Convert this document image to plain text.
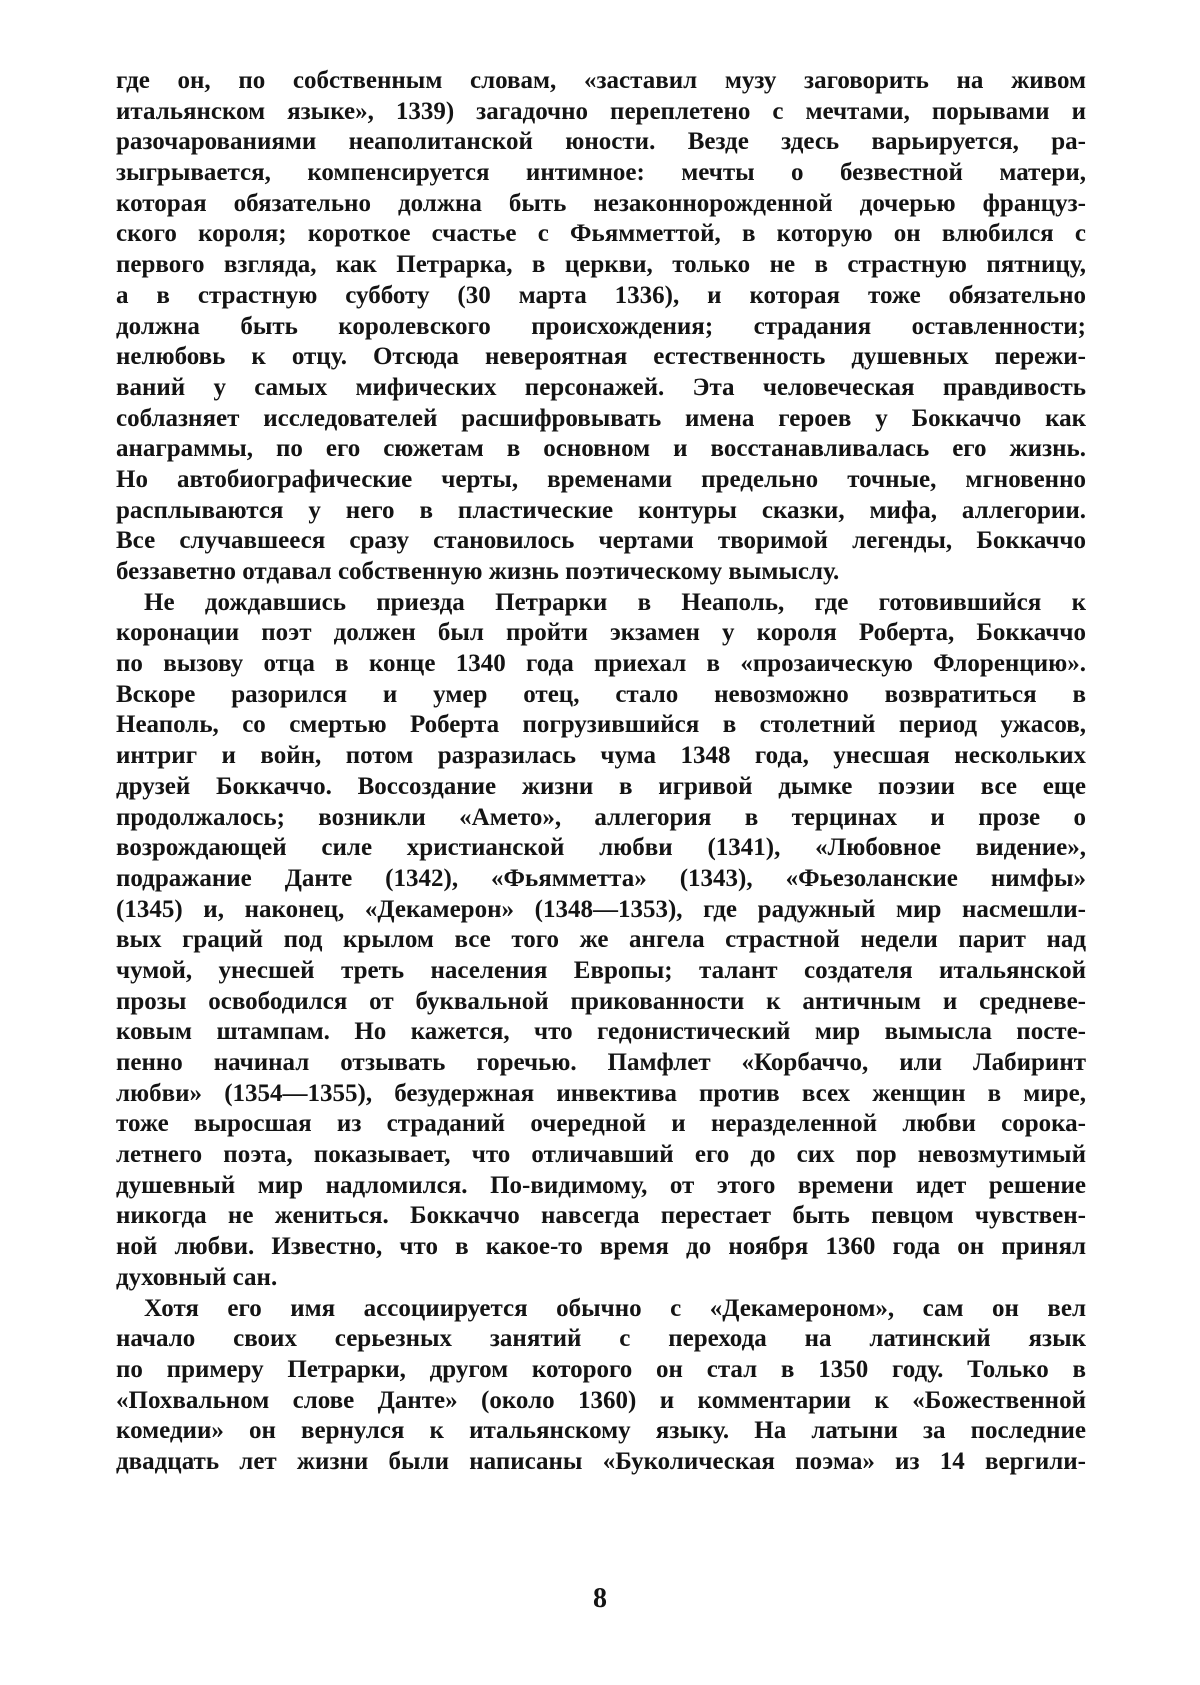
где он, по собственным словам, «заставил музу заговорить на живом
итальянском языке», 1339) загадочно переплетено с мечтами, порывами и
разочарованиями неаполитанской юности. Везде здесь варьируется, ра-
зыгрывается, компенсируется интимное: мечты о безвестной матери,
которая обязательно должна быть незаконнорожденной дочерью француз-
ского короля; короткое счастье с Фьямметтой, в которую он влюбился с
первого взгляда, как Петрарка, в церкви, только не в страстную пятницу,
а в страстную субботу (30 марта 1336), и которая тоже обязательно
должна быть королевского происхождения; страдания оставленности;
нелюбовь к отцу. Отсюда невероятная естественность душевных пережи-
ваний у самых мифических персонажей. Эта человеческая правдивость
соблазняет исследователей расшифровывать имена героев у Боккаччо как
анаграммы, по его сюжетам в основном и восстанавливалась его жизнь.
Но автобиографические черты, временами предельно точные, мгновенно
расплываются у него в пластические контуры сказки, мифа, аллегории.
Все случавшееся сразу становилось чертами творимой легенды, Боккаччо
беззаветно отдавал собственную жизнь поэтическому вымыслу.
Не дождавшись приезда Петрарки в Неаполь, где готовившийся к
коронации поэт должен был пройти экзамен у короля Роберта, Боккаччо
по вызову отца в конце 1340 года приехал в «прозаическую Флоренцию».
Вскоре разорился и умер отец, стало невозможно возвратиться в
Неаполь, со смертью Роберта погрузившийся в столетний период ужасов,
интриг и войн, потом разразилась чума 1348 года, унесшая нескольких
друзей Боккаччо. Воссоздание жизни в игривой дымке поэзии все еще
продолжалось; возникли «Амето», аллегория в терцинах и прозе о
возрождающей силе христианской любви (1341), «Любовное видение»,
подражание Данте (1342), «Фьямметта» (1343), «Фьезоланские нимфы»
(1345) и, наконец, «Декамерон» (1348—1353), где радужный мир насмешли-
вых граций под крылом все того же ангела страстной недели парит над
чумой, унесшей треть населения Европы; талант создателя итальянской
прозы освободился от буквальной прикованности к античным и средневе-
ковым штампам. Но кажется, что гедонистический мир вымысла посте-
пенно начинал отзывать горечью. Памфлет «Корбаччо, или Лабиринт
любви» (1354—1355), безудержная инвектива против всех женщин в мире,
тоже выросшая из страданий очередной и неразделенной любви сорока-
летнего поэта, показывает, что отличавший его до сих пор невозмутимый
душевный мир надломился. По-видимому, от этого времени идет решение
никогда не жениться. Боккаччо навсегда перестает быть певцом чувствен-
ной любви. Известно, что в какое-то время до ноября 1360 года он принял
духовный сан.
Хотя его имя ассоциируется обычно с «Декамероном», сам он вел
начало своих серьезных занятий с перехода на латинский язык
по примеру Петрарки, другом которого он стал в 1350 году. Только в
«Похвальном слове Данте» (около 1360) и комментарии к «Божественной
комедии» он вернулся к итальянскому языку. На латыни за последние
двадцать лет жизни были написаны «Буколическая поэма» из 14 вергили-
8
